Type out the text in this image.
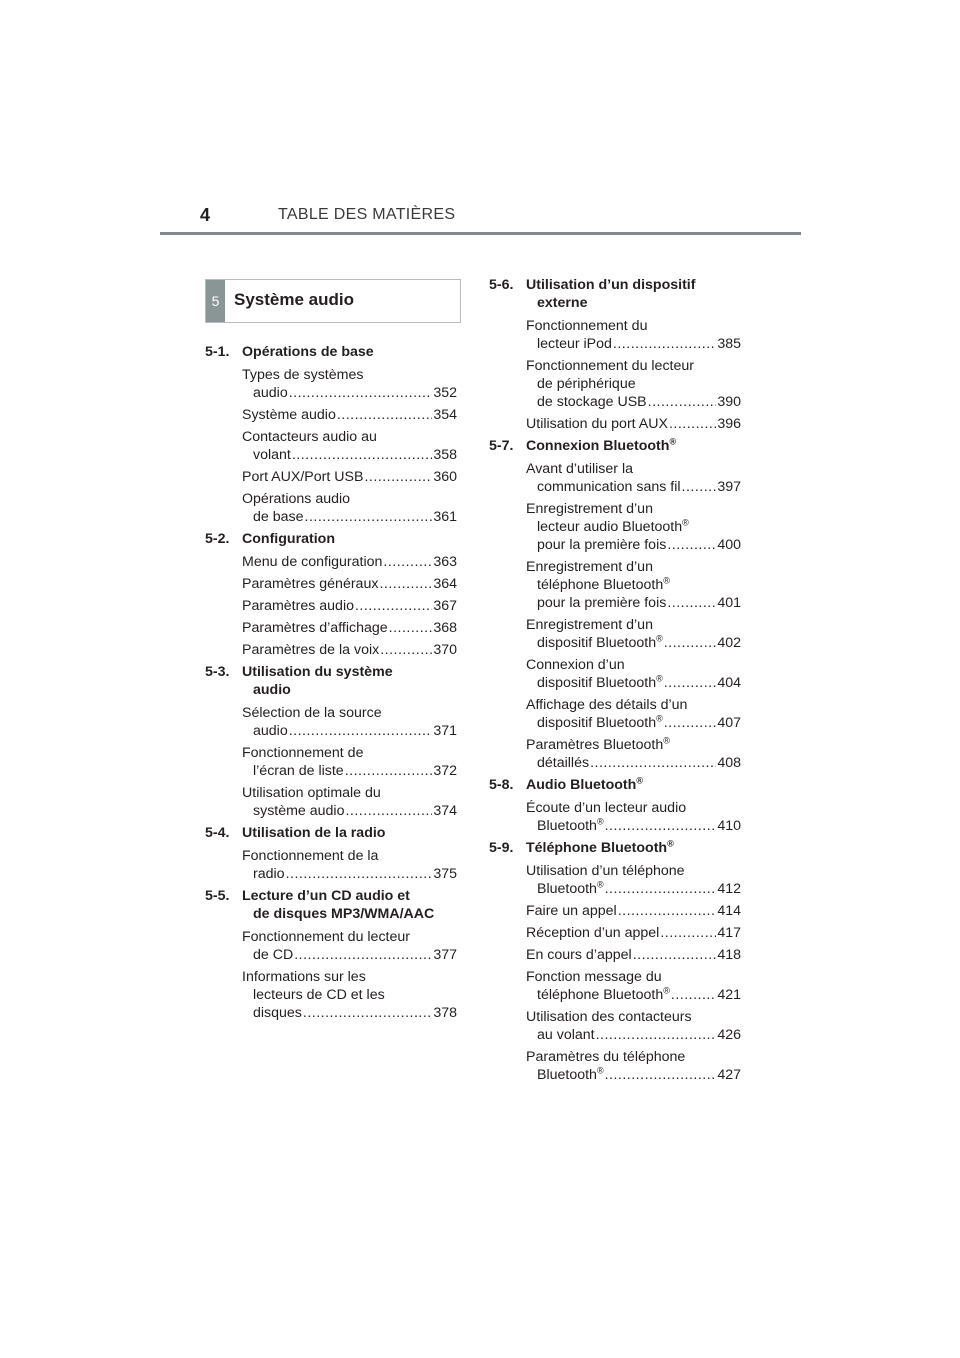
4	TABLE DES MATIÈRES
5 Système audio
5-1. Opérations de base
Types de systèmes
audio .....	352
Système audio .....	354
Contacteurs audio au
volant .....	358
Port AUX/Port USB .....	360
Opérations audio
de base .....	361
5-2. Configuration
Menu de configuration .....	363
Paramètres généraux .....	364
Paramètres audio .....	367
Paramètres d’affichage .....	368
Paramètres de la voix .....	370
5-3. Utilisation du système

audio
Sélection de la source
audio .....	371
Fonctionnement de
l’écran de liste .....	372
Utilisation optimale du
système audio .....	374
5-4. Utilisation de la radio
Fonctionnement de la
radio .....	375
5-5. Lecture d’un CD audio et

de disques MP3/WMA/AAC
Fonctionnement du lecteur
de CD .....	377
Informations sur les
lecteurs de CD et les
disques .....	378
5-6. Utilisation d’un dispositif

externe
Fonctionnement du
lecteur iPod .....	385
Fonctionnement du lecteur
de périphérique
de stockage USB .....	390
Utilisation du port AUX .....	396
5-7. Connexion Bluetooth®
Avant d’utiliser la
communication sans fil .....	397
Enregistrement d’un
lecteur audio Bluetooth®
pour la première fois .....	400
Enregistrement d’un
téléphone Bluetooth®
pour la première fois .....	401
Enregistrement d’un
dispositif Bluetooth® .....	402
Connexion d’un
dispositif Bluetooth® .....	404
Affichage des détails d’un
dispositif Bluetooth® .....	407
Paramètres Bluetooth®
détaillés .....	408
5-8. Audio Bluetooth®
Écoute d’un lecteur audio
Bluetooth® .....	410
5-9. Téléphone Bluetooth®
Utilisation d’un téléphone
Bluetooth® .....	412
Faire un appel .....	414
Réception d’un appel .....	417
En cours d’appel .....	418
Fonction message du
téléphone Bluetooth® .....	421
Utilisation des contacteurs
au volant .....	426
Paramètres du téléphone
Bluetooth® .....	427
